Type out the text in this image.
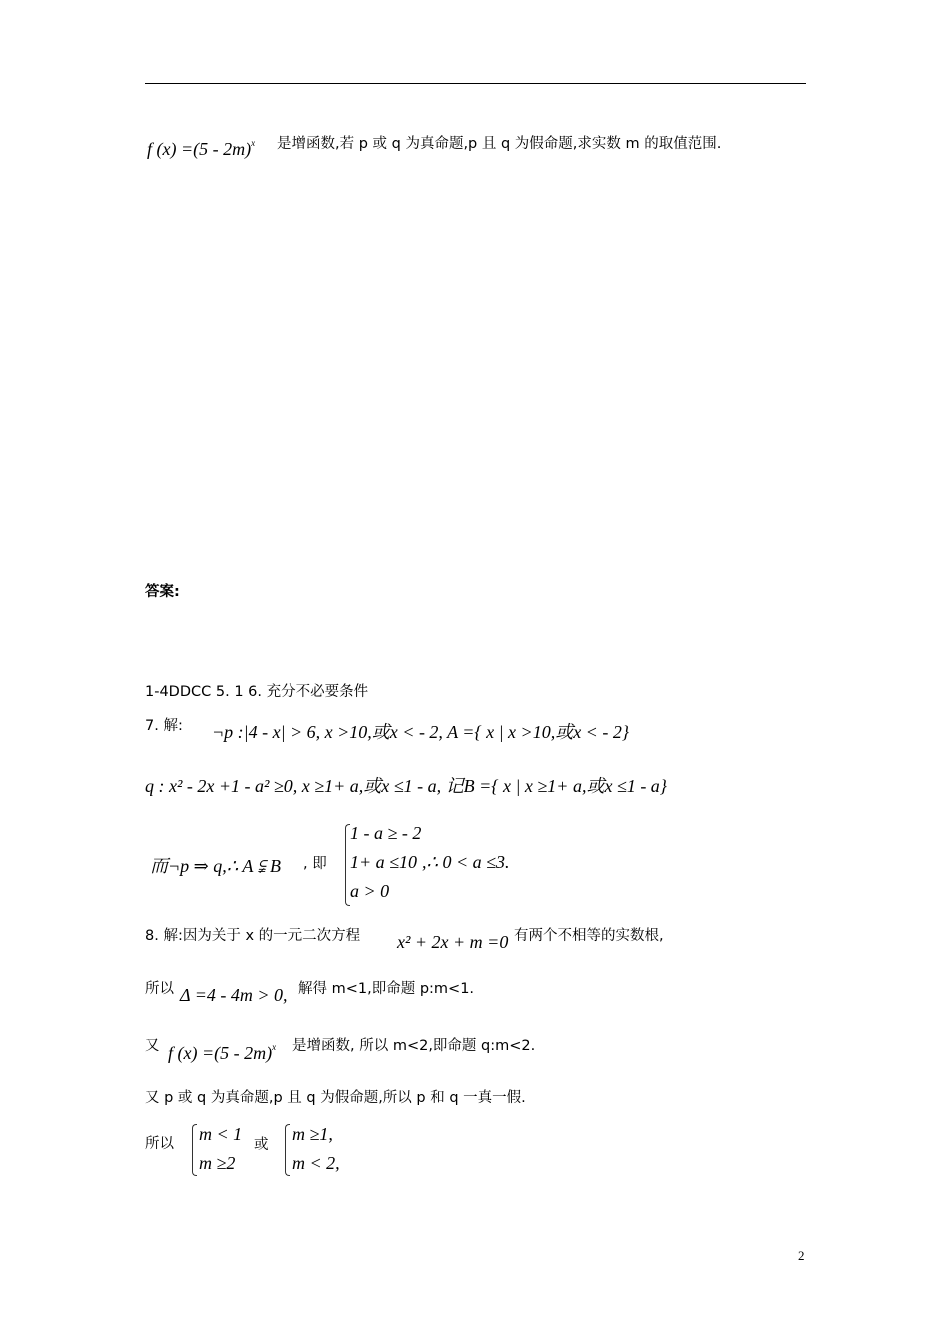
f (x) =(5 - 2m)$^x$ 是增函数,若 p 或 q 为真命题,p 且 q 为假命题,求实数 m 的取值范围.
答案:
1-4DDCC 5. 1 6. 充分不必要条件
7. 解: ¬p :|4 - x| > 6, x >10,或x < - 2, A ={ x | x >10,或x < - 2}
q : x² - 2x +1 - a² ≥0, x ≥1+ a,或x ≤1 - a, 记B ={ x | x ≥1+ a,或x ≤1 - a}
而¬p ⇒ q,∴ A ⫋ B , 即
1 - a ≥ - 2
1+ a ≤10
a > 0
,∴ 0 < a ≤3.
8. 解:因为关于 x 的一元二次方程 x² + 2x + m =0 有两个不相等的实数根,
所以 Δ =4 - 4m > 0, 解得 m<1,即命题 p:m<1.
又 f (x) =(5 - 2m)$^x$ 是增函数, 所以 m<2,即命题 q:m<2.
又 p 或 q 为真命题,p 且 q 为假命题,所以 p 和 q 一真一假.
所以 m < 1
m ≥2
或
m ≥1,
m < 2,
2
